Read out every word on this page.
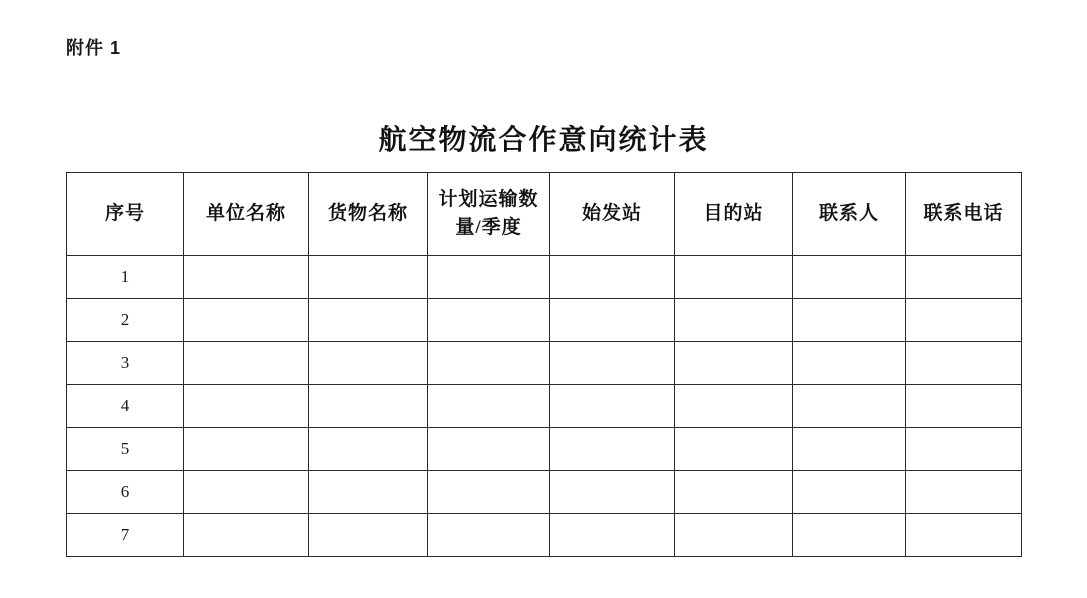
附件 1
航空物流合作意向统计表
序号	单位名称	货物名称	计划运输数量/季度	始发站	目的站	联系人	联系电话

1							
2							
3							
4							
5							
6							
7							
